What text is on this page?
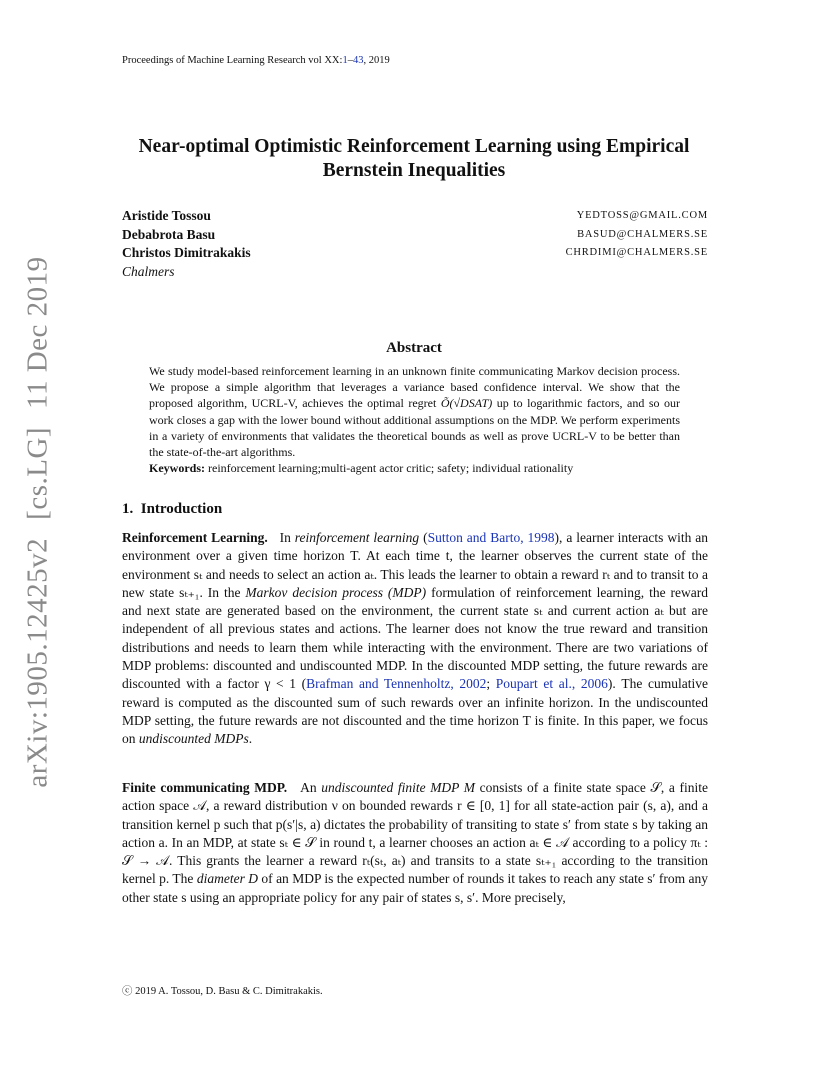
Proceedings of Machine Learning Research vol XX:1–43, 2019
Near-optimal Optimistic Reinforcement Learning using Empirical
Bernstein Inequalities
Aristide Tossou	YEDTOSS@GMAIL.COM
Debabrota Basu	BASUD@CHALMERS.SE
Christos Dimitrakakis	CHRDIMI@CHALMERS.SE
Chalmers
Abstract
We study model-based reinforcement learning in an unknown finite communicating Markov decision process. We propose a simple algorithm that leverages a variance based confidence interval. We show that the proposed algorithm, UCRL-V, achieves the optimal regret Õ(√DSAT) up to logarithmic factors, and so our work closes a gap with the lower bound without additional assumptions on the MDP. We perform experiments in a variety of environments that validates the theoretical bounds as well as prove UCRL-V to be better than the state-of-the-art algorithms.
Keywords: reinforcement learning;multi-agent actor critic; safety; individual rationality
1. Introduction
Reinforcement Learning.   In reinforcement learning (Sutton and Barto, 1998), a learner interacts with an environment over a given time horizon T. At each time t, the learner observes the current state of the environment sₜ and needs to select an action aₜ. This leads the learner to obtain a reward rₜ and to transit to a new state sₜ₊₁. In the Markov decision process (MDP) formulation of reinforcement learning, the reward and next state are generated based on the environment, the current state sₜ and current action aₜ but are independent of all previous states and actions. The learner does not know the true reward and transition distributions and needs to learn them while interacting with the environment. There are two variations of MDP problems: discounted and undiscounted MDP. In the discounted MDP setting, the future rewards are discounted with a factor γ < 1 (Brafman and Tennenholtz, 2002; Poupart et al., 2006). The cumulative reward is computed as the discounted sum of such rewards over an infinite horizon. In the undiscounted MDP setting, the future rewards are not discounted and the time horizon T is finite. In this paper, we focus on undiscounted MDPs.
Finite communicating MDP.   An undiscounted finite MDP M consists of a finite state space 𝒮, a finite action space 𝒜, a reward distribution ν on bounded rewards r ∈ [0, 1] for all state-action pair (s, a), and a transition kernel p such that p(s′|s, a) dictates the probability of transiting to state s′ from state s by taking an action a. In an MDP, at state sₜ ∈ 𝒮 in round t, a learner chooses an action aₜ ∈ 𝒜 according to a policy πₜ : 𝒮 → 𝒜. This grants the learner a reward rₜ(sₜ, aₜ) and transits to a state sₜ₊₁ according to the transition kernel p. The diameter D of an MDP is the expected number of rounds it takes to reach any state s′ from any other state s using an appropriate policy for any pair of states s, s′. More precisely,
ⓒ 2019 A. Tossou, D. Basu & C. Dimitrakakis.
arXiv:1905.12425v2[cs.LG]11 Dec 2019
